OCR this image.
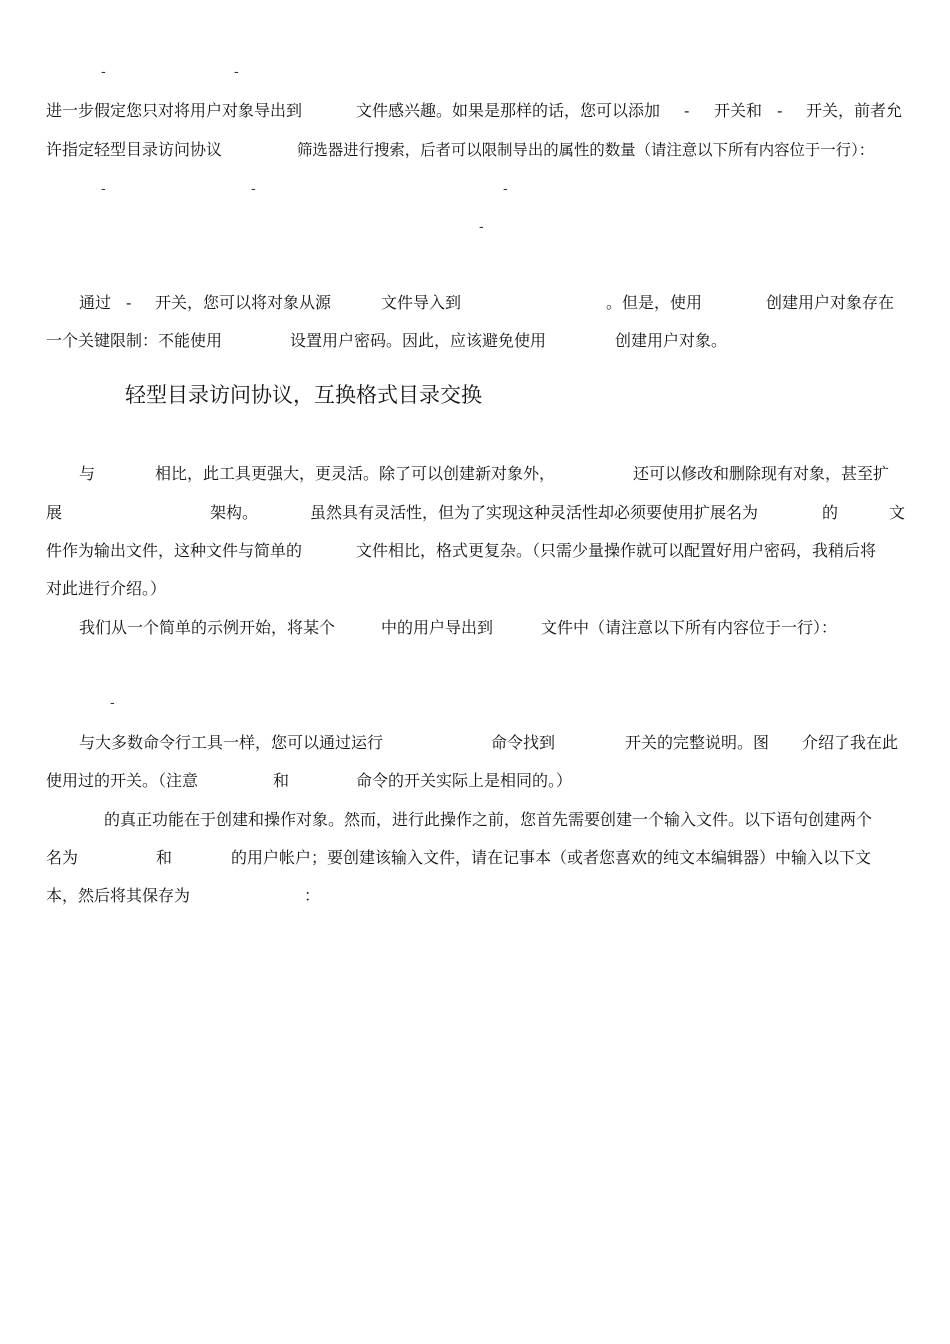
-	-
进一步假定您只对将用户对象导出到	文件感兴趣。如果是那样的话，您可以添加 - 开关和 - 开关，前者允
许指定轻型目录访问协议	筛选器进行搜索，后者可以限制导出的属性的数量（请注意以下所有内容位于一行）：
-	-	-
-
通过 - 开关，您可以将对象从源	文件导入到	。但是，使用	创建用户对象存在
一个关键限制：不能使用	设置用户密码。因此，应该避免使用	创建用户对象。
轻型目录访问协议，互换格式目录交换
与	相比，此工具更强大，更灵活。除了可以创建新对象外，	还可以修改和删除现有对象，甚至扩
展	架构。	虽然具有灵活性，但为了实现这种灵活性却必须要使用扩展名为	的	文
件作为输出文件，这种文件与简单的	文件相比，格式更复杂。（只需少量操作就可以配置好用户密码，我稍后将
对此进行介绍。）
我们从一个简单的示例开始，将某个	中的用户导出到	文件中（请注意以下所有内容位于一行）：
-
与大多数命令行工具一样，您可以通过运行	命令找到	开关的完整说明。图 介绍了我在此
使用过的开关。（注意	和	命令的开关实际上是相同的。）
的真正功能在于创建和操作对象。然而，进行此操作之前，您首先需要创建一个输入文件。以下语句创建两个
名为	和	的用户帐户；要创建该输入文件，请在记事本（或者您喜欢的纯文本编辑器）中输入以下文
本，然后将其保存为	：
